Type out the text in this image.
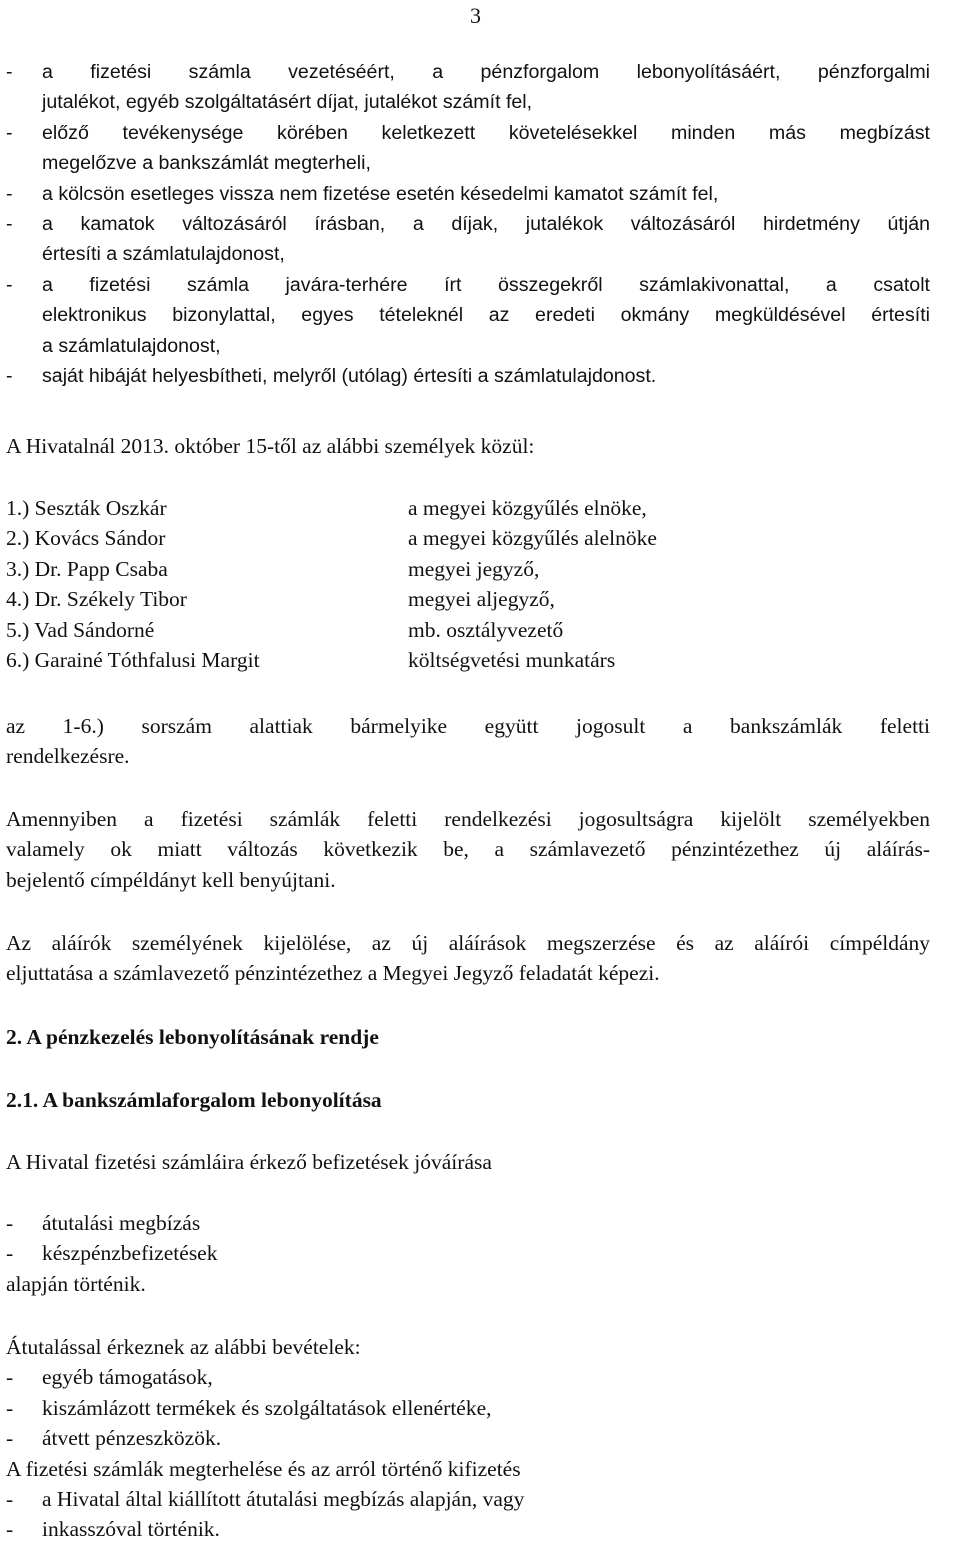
3
-	a fizetési számla vezetéséért, a pénzforgalom lebonyolításáért, pénzforgalmi
jutalékot, egyéb szolgáltatásért díjat, jutalékot számít fel,
-	előző tevékenysége körében keletkezett követelésekkel minden más megbízást
megelőzve a bankszámlát megterheli,
-	a kölcsön esetleges vissza nem fizetése esetén késedelmi kamatot számít fel,
-	a kamatok változásáról írásban, a díjak, jutalékok változásáról hirdetmény útján
értesíti a számlatulajdonost,
-	a fizetési számla javára-terhére írt összegekről számlakivonattal, a csatolt
elektronikus bizonylattal, egyes tételeknél az eredeti okmány megküldésével értesíti
a számlatulajdonost,
-	saját hibáját helyesbítheti, melyről (utólag) értesíti a számlatulajdonost.
A Hivatalnál 2013. október 15-től az alábbi személyek közül:
1.) Seszták Oszkár	a megyei közgyűlés elnöke,
2.) Kovács Sándor	a megyei közgyűlés alelnöke
3.) Dr. Papp Csaba	megyei jegyző,
4.) Dr. Székely Tibor	megyei aljegyző,
5.) Vad Sándorné	mb. osztályvezető
6.) Garainé Tóthfalusi Margit	költségvetési munkatárs
az 1-6.) sorszám alattiak bármelyike együtt jogosult a bankszámlák feletti
rendelkezésre.
Amennyiben a fizetési számlák feletti rendelkezési jogosultságra kijelölt személyekben
valamely ok miatt változás következik be, a számlavezető pénzintézethez új aláírás-
bejelentő címpéldányt kell benyújtani.
Az aláírók személyének kijelölése, az új aláírások megszerzése és az aláírói címpéldány
eljuttatása a számlavezető pénzintézethez a Megyei Jegyző feladatát képezi.
2. A pénzkezelés lebonyolításának rendje
2.1. A bankszámlaforgalom lebonyolítása
A Hivatal fizetési számláira érkező befizetések jóváírása
-	átutalási megbízás
-	készpénzbefizetések
alapján történik.
Átutalással érkeznek az alábbi bevételek:
-	egyéb támogatások,
-	kiszámlázott termékek és szolgáltatások ellenértéke,
-	átvett pénzeszközök.
A fizetési számlák megterhelése és az arról történő kifizetés
-	a Hivatal által kiállított átutalási megbízás alapján, vagy
-	inkasszóval történik.
